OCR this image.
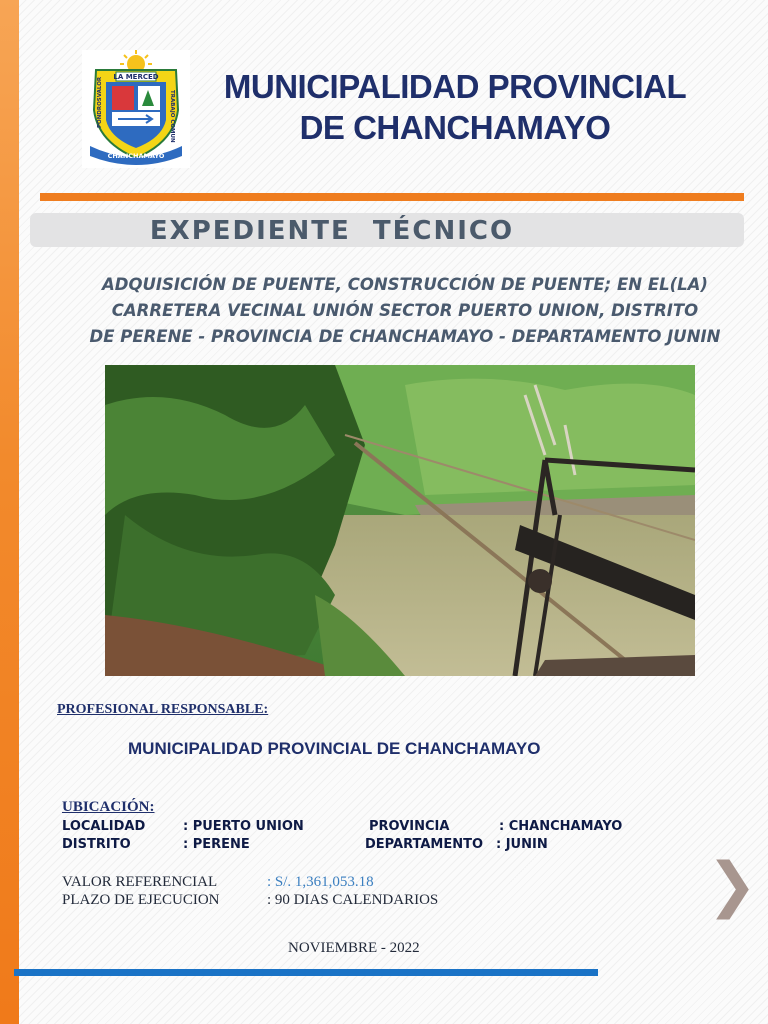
LA MERCED
PONDROSVALOR	TRABAJO COMUN
CHANCHAMAYO
MUNICIPALIDAD PROVINCIAL
DE CHANCHAMAYO
EXPEDIENTE  TÉCNICO
ADQUISICIÓN DE PUENTE, CONSTRUCCIÓN DE PUENTE; EN EL(LA)
CARRETERA VECINAL UNIÓN SECTOR PUERTO UNION, DISTRITO
DE PERENE - PROVINCIA DE CHANCHAMAYO - DEPARTAMENTO JUNIN
PROFESIONAL RESPONSABLE:
MUNICIPALIDAD PROVINCIAL DE CHANCHAMAYO
UBICACIÓN:
LOCALIDAD	: PUERTO UNION	PROVINCIA	: CHANCHAMAYO
DISTRITO	: PERENE	DEPARTAMENTO : JUNIN
VALOR REFERENCIAL	: S/. 1,361,053.18
PLAZO DE EJECUCION	: 90 DIAS CALENDARIOS
NOVIEMBRE - 2022
❯
